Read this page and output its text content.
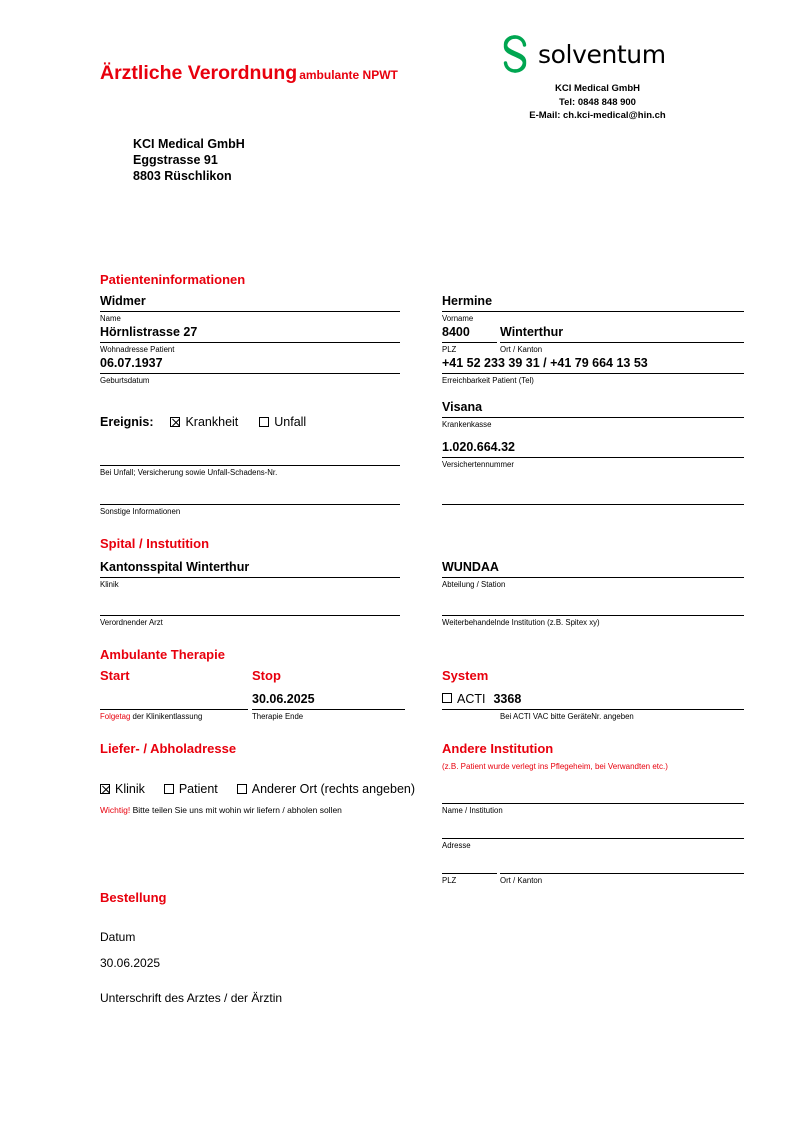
Ärztliche Verordnung ambulante NPWT
solventum
KCI Medical GmbH
Tel: 0848 848 900
E-Mail: ch.kci-medical@hin.ch
KCI Medical GmbH
Eggstrasse 91
8803 Rüschlikon
Patienteninformationen
Widmer
Name
Hörnlistrasse 27
Wohnadresse Patient
06.07.1937
Geburtsdatum
Ereignis:	Krankheit	Unfall
Bei Unfall; Versicherung sowie Unfall-Schadens-Nr.
Sonstige Informationen
Hermine
Vorname
8400
PLZ
Winterthur
Ort / Kanton
+41 52 233 39 31 / +41 79 664 13 53
Erreichbarkeit Patient (Tel)
Visana
Krankenkasse
1.020.664.32
Versichertennummer
Spital / Instutition
Kantonsspital Winterthur
Klinik
Verordnender Arzt
WUNDAA
Abteilung / Station
Weiterbehandelnde Institution (z.B. Spitex xy)
Ambulante Therapie
Start	Stop	System
Folgetag der Klinikentlassung
30.06.2025
Therapie Ende
ACTI 3368
Bei ACTI VAC bitte GeräteNr. angeben
Liefer- / Abholadresse
Klinik	Patient	Anderer Ort (rechts angeben)
Wichtig! Bitte teilen Sie uns mit wohin wir liefern / abholen sollen
Andere Institution
(z.B. Patient wurde verlegt ins Pflegeheim, bei Verwandten etc.)
Name / Institution
Adresse
PLZ	Ort / Kanton
Bestellung
Datum
30.06.2025
Unterschrift des Arztes / der Ärztin
